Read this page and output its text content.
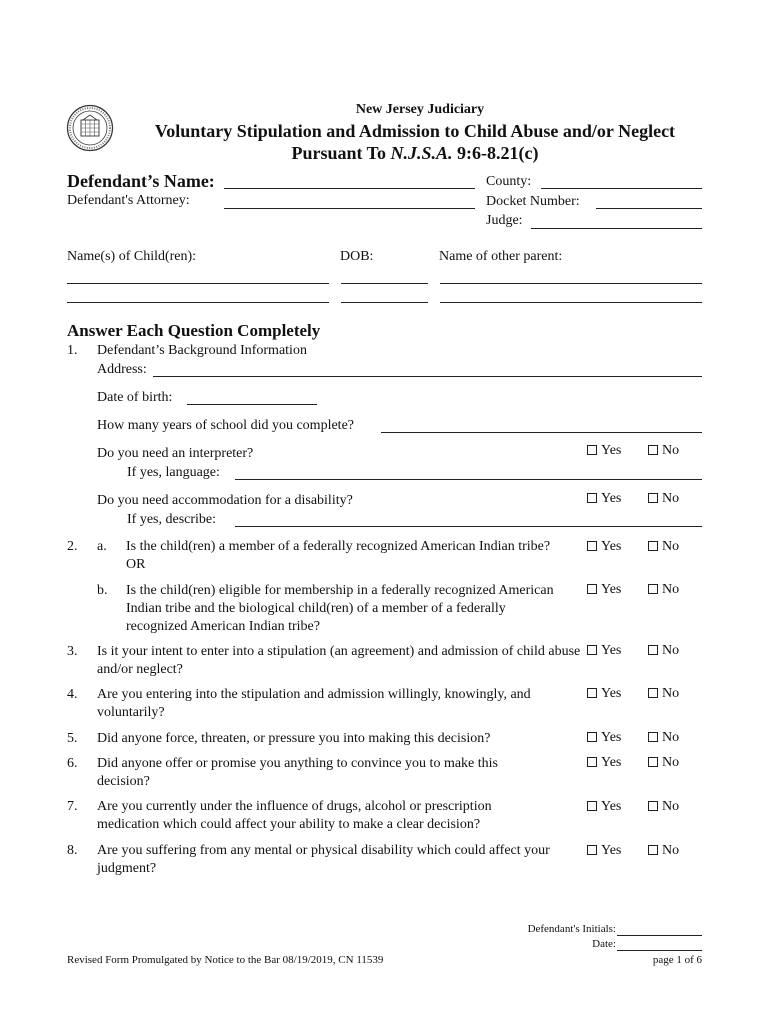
New Jersey Judiciary
Voluntary Stipulation and Admission to Child Abuse and/or Neglect
Pursuant To N.J.S.A. 9:6-8.21(c)
Defendant’s Name:
Defendant's Attorney:
County:
Docket Number:
Judge:
Name(s) of Child(ren):	DOB:	Name of other parent:
Answer Each Question Completely
1. Defendant’s Background Information
Address:
Date of birth:
How many years of school did you complete?
Do you need an interpreter?	Yes	No
If yes, language:
Do you need accommodation for a disability?	Yes	No
If yes, describe:
2. a. Is the child(ren) a member of a federally recognized American Indian tribe?
OR
Yes	No
b. Is the child(ren) eligible for membership in a federally recognized American Indian tribe and the biological child(ren) of a member of a federally recognized American Indian tribe?
Yes	No
3. Is it your intent to enter into a stipulation (an agreement) and admission of child abuse and/or neglect?
Yes	No
4. Are you entering into the stipulation and admission willingly, knowingly, and voluntarily?
Yes	No
5. Did anyone force, threaten, or pressure you into making this decision?	Yes	No
6. Did anyone offer or promise you anything to convince you to make this decision?
Yes	No
7. Are you currently under the influence of drugs, alcohol or prescription medication which could affect your ability to make a clear decision?
Yes	No
8. Are you suffering from any mental or physical disability which could affect your judgment?
Yes	No
Defendant's Initials:
Date:
Revised Form Promulgated by Notice to the Bar 08/19/2019, CN 11539	page 1 of 6
